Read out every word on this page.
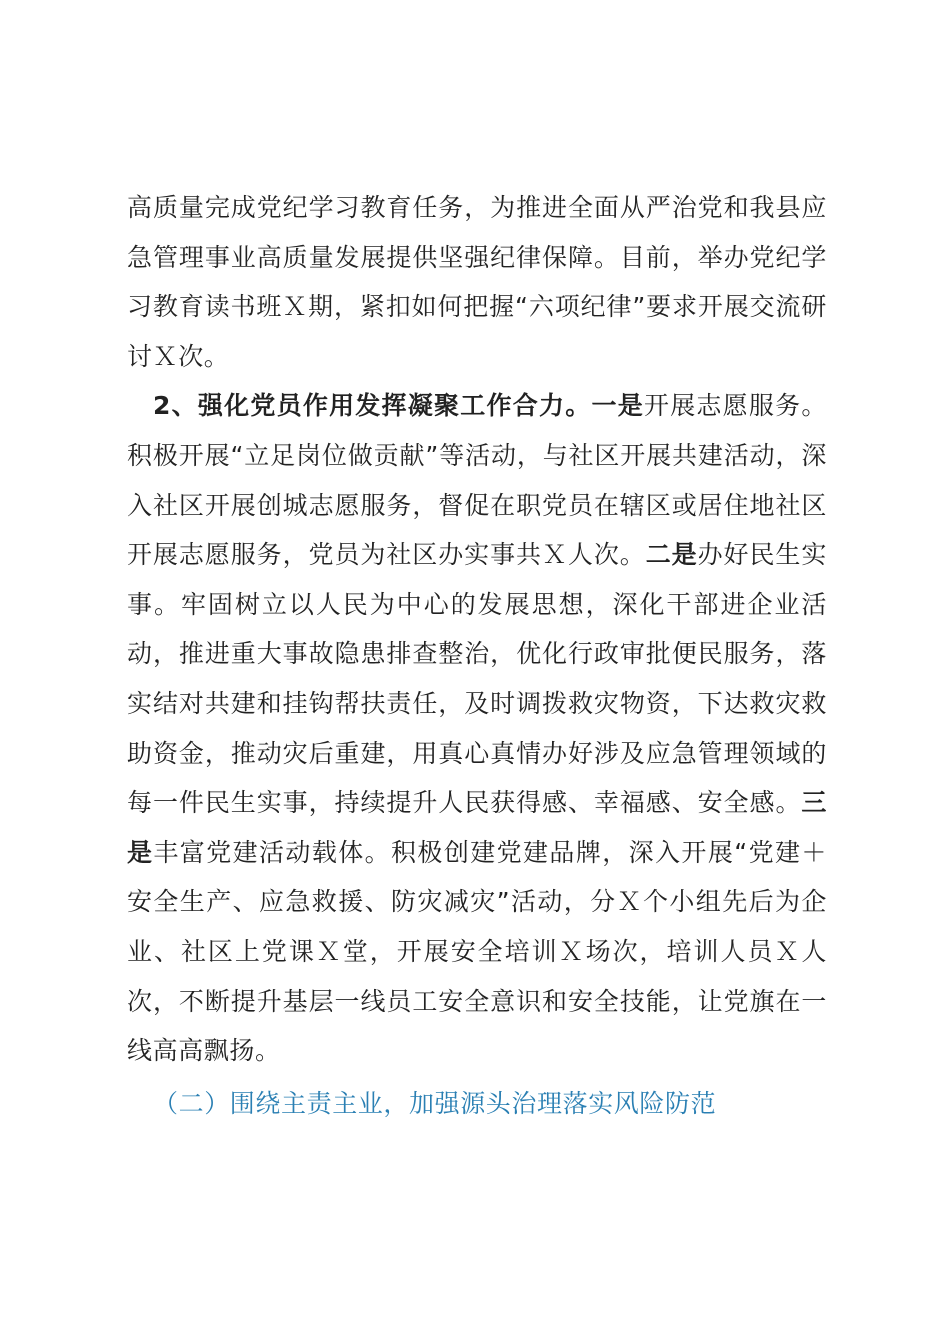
高质量完成党纪学习教育任务，为推进全面从严治党和我县应急管理事业高质量发展提供坚强纪律保障。目前，举办党纪学习教育读书班Ｘ期，紧扣如何把握“六项纪律”要求开展交流研讨Ｘ次。

2、强化党员作用发挥凝聚工作合力。一是开展志愿服务。积极开展“立足岗位做贡献”等活动，与社区开展共建活动，深入社区开展创城志愿服务，督促在职党员在辖区或居住地社区开展志愿服务，党员为社区办实事共Ｘ人次。二是办好民生实事。牢固树立以人民为中心的发展思想，深化干部进企业活动，推进重大事故隐患排查整治，优化行政审批便民服务，落实结对共建和挂钩帮扶责任，及时调拨救灾物资，下达救灾救助资金，推动灾后重建，用真心真情办好涉及应急管理领域的每一件民生实事，持续提升人民获得感、幸福感、安全感。三是丰富党建活动载体。积极创建党建品牌，深入开展“党建＋安全生产、应急救援、防灾减灾”活动，分Ｘ个小组先后为企业、社区上党课Ｘ堂，开展安全培训Ｘ场次，培训人员Ｘ人次，不断提升基层一线员工安全意识和安全技能，让党旗在一线高高飘扬。

（二）围绕主责主业，加强源头治理落实风险防范
